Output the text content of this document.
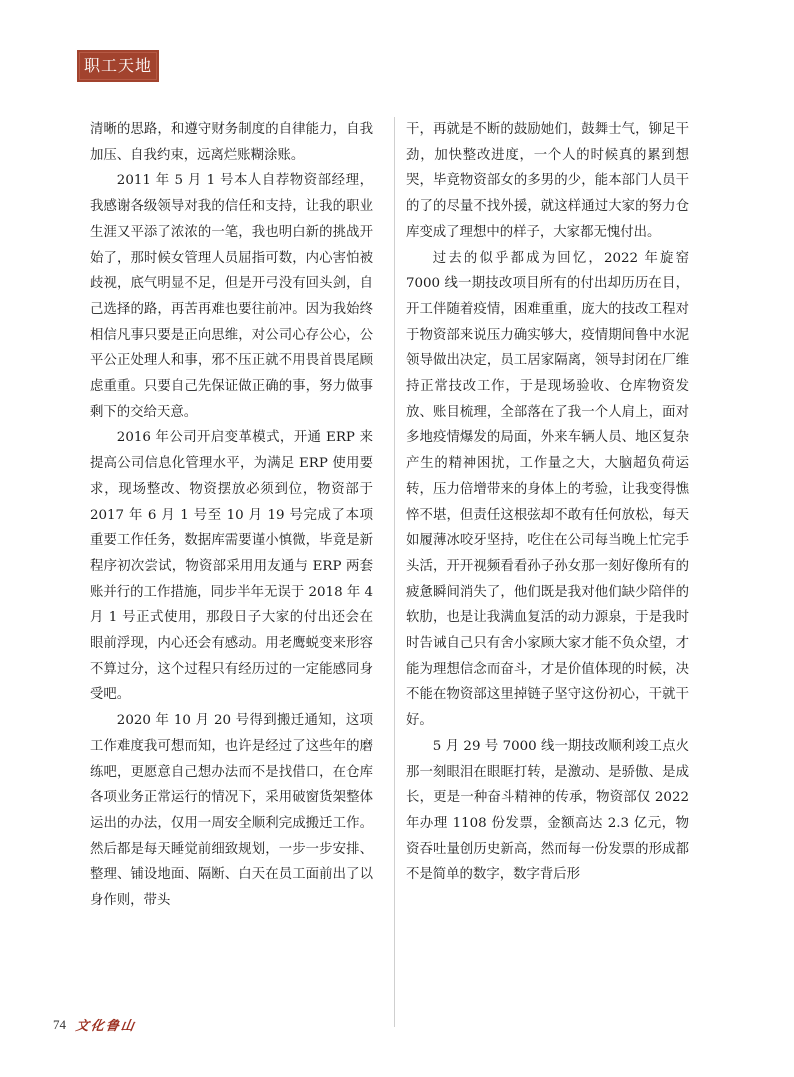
职工天地

清晰的思路，和遵守财务制度的自律能力，自我加压、自我约束，远离烂账糊涂账。

2011 年 5 月 1 号本人自荐物资部经理，我感谢各级领导对我的信任和支持，让我的职业生涯又平添了浓浓的一笔，我也明白新的挑战开始了，那时候女管理人员屈指可数，内心害怕被歧视，底气明显不足，但是开弓没有回头剑，自己选择的路，再苦再难也要往前冲。因为我始终相信凡事只要是正向思维，对公司心存公心，公平公正处理人和事，邪不压正就不用畏首畏尾顾虑重重。只要自己先保证做正确的事，努力做事 剩下的交给天意。

2016 年公司开启变革模式，开通 ERP 来提高公司信息化管理水平，为满足 ERP 使用要求，现场整改、物资摆放必须到位，物资部于 2017 年 6 月 1 号至 10 月 19 号完成了本项重要工作任务，数据库需要谨小慎微，毕竟是新程序初次尝试，物资部采用用友通与 ERP 两套账并行的工作措施，同步半年无误于 2018 年 4 月 1 号正式使用，那段日子大家的付出还会在眼前浮现，内心还会有感动。用老鹰蜕变来形容不算过分，这个过程只有经历过的一定能感同身受吧。

2020 年 10 月 20 号得到搬迁通知，这项工作难度我可想而知，也许是经过了这些年的磨练吧，更愿意自己想办法而不是找借口，在仓库各项业务正常运行的情况下，采用破窗货架整体运出的办法，仅用一周安全顺利完成搬迁工作。然后都是每天睡觉前细致规划，一步一步安排、整理、铺设地面、隔断、白天在员工面前出了以身作则，带头

干，再就是不断的鼓励她们，鼓舞士气，铆足干劲，加快整改进度，一个人的时候真的累到想哭，毕竟物资部女的多男的少，能本部门人员干的了的尽量不找外援，就这样通过大家的努力仓库变成了理想中的样子，大家都无愧付出。

过去的似乎都成为回忆，2022 年旋窑 7000 线一期技改项目所有的付出却历历在目，开工伴随着疫情，困难重重，庞大的技改工程对于物资部来说压力确实够大，疫情期间鲁中水泥领导做出决定，员工居家隔离，领导封闭在厂维持正常技改工作，于是现场验收、仓库物资发放、账目梳理，全部落在了我一个人肩上，面对多地疫情爆发的局面，外来车辆人员、地区复杂产生的精神困扰，工作量之大，大脑超负荷运转，压力倍增带来的身体上的考验，让我变得憔悴不堪，但责任这根弦却不敢有任何放松，每天如履薄冰咬牙坚持，吃住在公司每当晚上忙完手头活，开开视频看看孙子孙女那一刻好像所有的疲惫瞬间消失了，他们既是我对他们缺少陪伴的软肋，也是让我满血复活的动力源泉，于是我时时告诫自己只有舍小家顾大家才能不负众望，才能为理想信念而奋斗，才是价值体现的时候，决不能在物资部这里掉链子坚守这份初心，干就干好。

5 月 29 号 7000 线一期技改顺利竣工点火那一刻眼泪在眼眶打转，是激动、是骄傲、是成长，更是一种奋斗精神的传承，物资部仅 2022 年办理 1108 份发票，金额高达 2.3 亿元，物资吞吐量创历史新高，然而每一份发票的形成都不是简单的数字，数字背后形

74 文化鲁山
